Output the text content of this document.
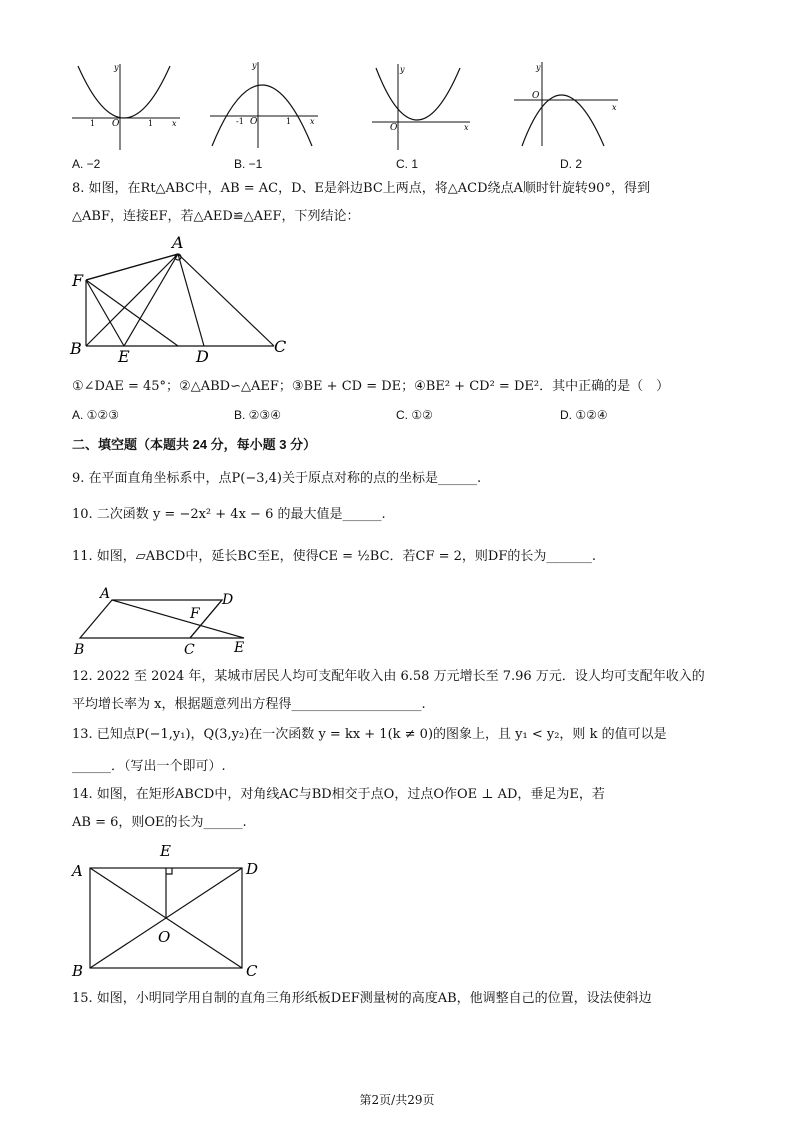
y
x
O
1	1
y
x
O
-1	1
y
x
O
y
x
O
A. −2	B. −1	C. 1	D. 2
8. 如图，在Rt△ABC中，AB = AC，D、E是斜边BC上两点，将△ACD绕点A顺时针旋转90°，得到
△ABF，连接EF，若△AED≌△AEF，下列结论：
A
F
B E	D
C
①∠DAE = 45°；②△ABD∽△AEF；③BE + CD = DE；④BE² + CD² = DE²．其中正确的是（　）
A. ①②③	B. ②③④	C. ①②	D. ①②④
二、填空题（本题共 24 分，每小题 3 分）
9. 在平面直角坐标系中，点P(−3,4)关于原点对称的点的坐标是______.
10. 二次函数 y = −2x² + 4x − 6 的最大值是______.
11. 如图，▱ABCD中，延长BC至E，使得CE = ½BC．若CF = 2，则DF的长为_______.
A	D
F
B	C	E
12. 2022 至 2024 年，某城市居民人均可支配年收入由 6.58 万元增长至 7.96 万元．设人均可支配年收入的
平均增长率为 x，根据题意列出方程得____________________.
13. 已知点P(−1,y₁)，Q(3,y₂)在一次函数 y = kx + 1(k ≠ 0)的图象上，且 y₁ < y₂，则 k 的值可以是
______．（写出一个即可）.
14. 如图，在矩形ABCD中，对角线AC与BD相交于点O，过点O作OE ⊥ AD，垂足为E，若
AB = 6，则OE的长为______.
E
A	D
O
B	C
15. 如图，小明同学用自制的直角三角形纸板DEF测量树的高度AB，他调整自己的位置，设法使斜边
第2页/共29页
